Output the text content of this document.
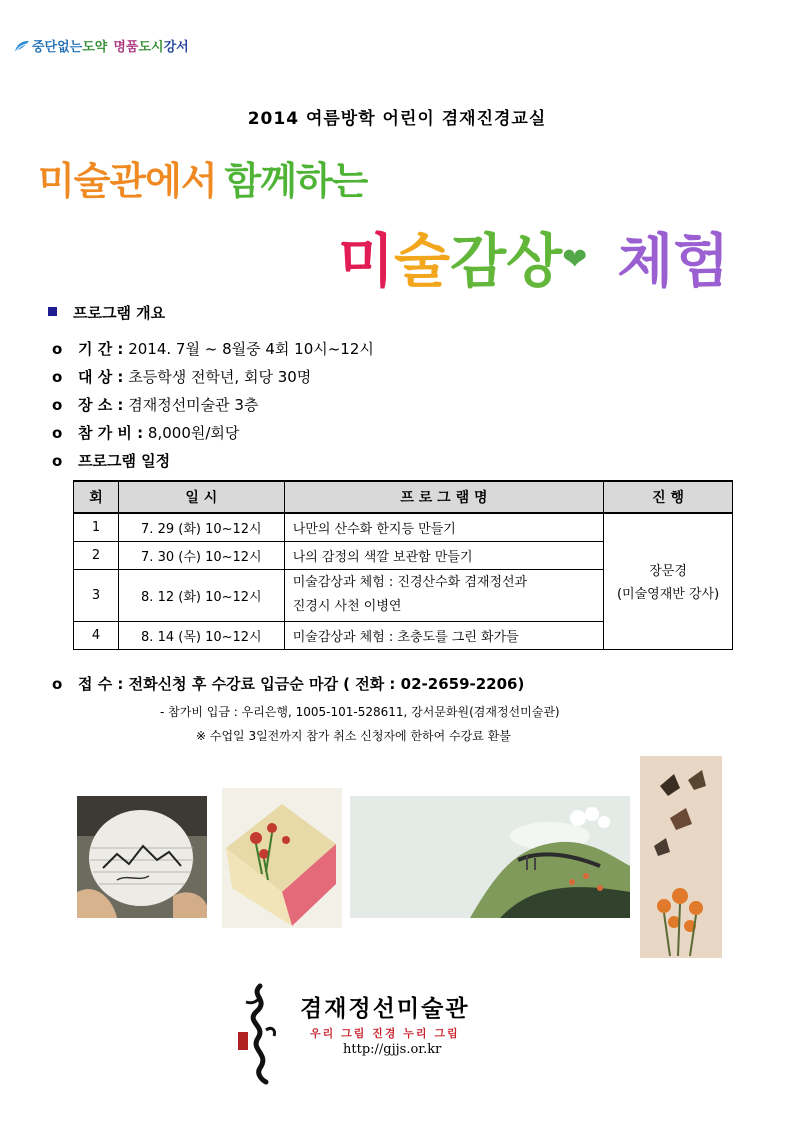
중단없는도약 명품도시강서
2014 여름방학 어린이 겸재진경교실
미술관에서 함께하는
미술감상❤ 체험
프로그램 개요
o 기 간 : 2014. 7월 ~ 8월중 4회 10시~12시
o 대 상 : 초등학생 전학년, 회당 30명
o 장 소 : 겸재정선미술관 3층
o 참 가 비 : 8,000원/회당
o 프로그램 일정
회	일 시	프 로 그 램 명	진 행
1	7. 29 (화) 10~12시	나만의 산수화 한지등 만들기	장문경
(미술영재반 강사)

2	7. 30 (수) 10~12시	나의 감정의 색깔 보관함 만들기	
3	8. 12 (화) 10~12시	미술감상과 체험 : 진경산수화 겸재정선과
진경시 사천 이병연	

4	8. 14 (목) 10~12시	미술감상과 체험 : 초충도를 그린 화가들	
o 접 수 : 전화신청 후 수강료 입금순 마감 ( 전화 : 02-2659-2206)
- 참가비 입금 : 우리은행, 1005-101-528611, 강서문화원(겸재정선미술관)
※ 수업일 3일전까지 참가 취소 신청자에 한하여 수강료 환불
겸재정선미술관
우리 그림 진경 누리 그림
http://gjjs.or.kr
